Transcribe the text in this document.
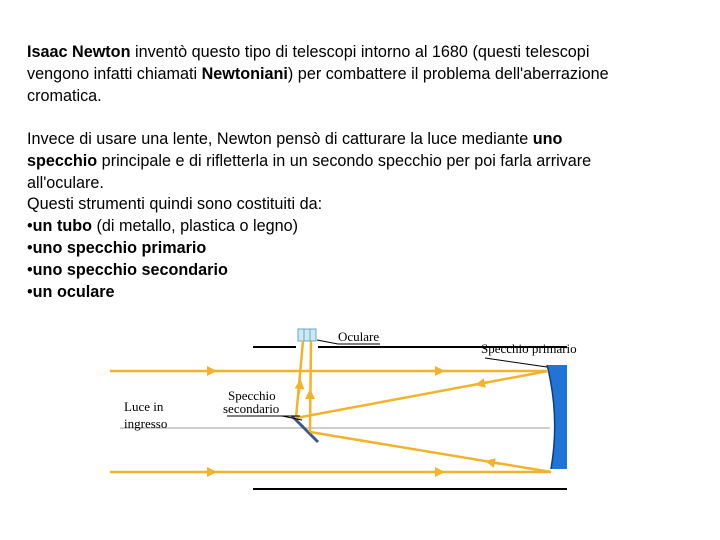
Isaac Newton inventò questo tipo di telescopi intorno al 1680 (questi telescopi
vengono infatti chiamati Newtoniani) per combattere il problema dell'aberrazione
cromatica.
Invece di usare una lente, Newton pensò di catturare la luce mediante uno
specchio principale e di rifletterla in un secondo specchio per poi farla arrivare
all'oculare.
Questi strumenti quindi sono costituiti da:
•un tubo (di metallo, plastica o legno)
•uno specchio primario
•uno specchio secondario
•un oculare
Oculare
Specchio primario
Luce in
ingresso
Specchio
secondario
